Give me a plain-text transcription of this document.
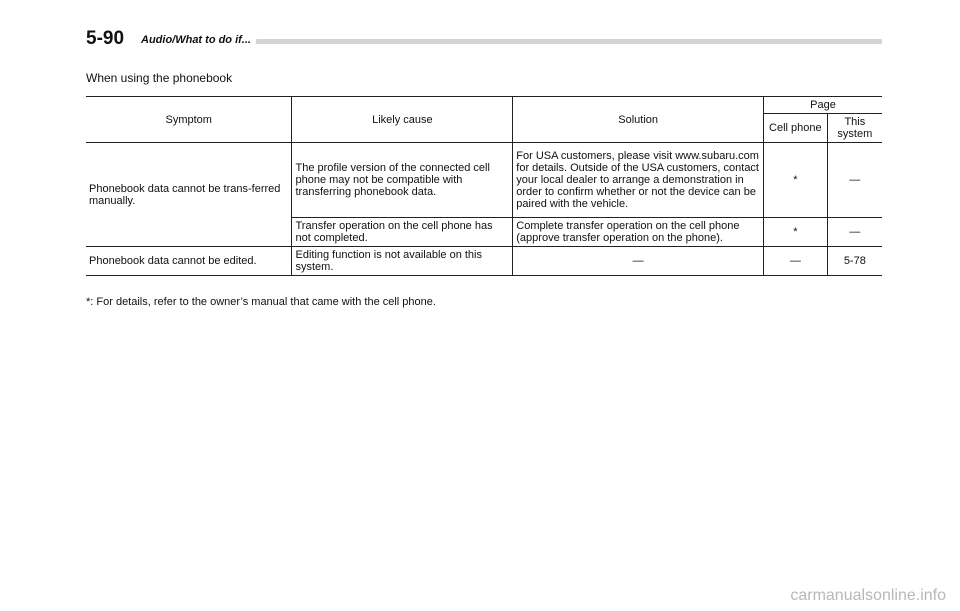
5-90 Audio/What to do if...
When using the phonebook
Symptom	Likely cause	Solution	Page	
			Cell phone	This system
Phonebook data cannot be trans-ferred manually.	The profile version of the connected cell phone may not be compatible with transferring phonebook data.	For USA customers, please visit www.subaru.com for details. Outside of the USA customers, contact your local dealer to arrange a demonstration in order to confirm whether or not the device can be paired with the vehicle.	*	—
	Transfer operation on the cell phone has not completed.	Complete transfer operation on the cell phone (approve transfer operation on the phone).	*	—
Phonebook data cannot be edited.	Editing function is not available on this system.	—	—	5-78
*: For details, refer to the owner’s manual that came with the cell phone.
carmanualsonline.info
